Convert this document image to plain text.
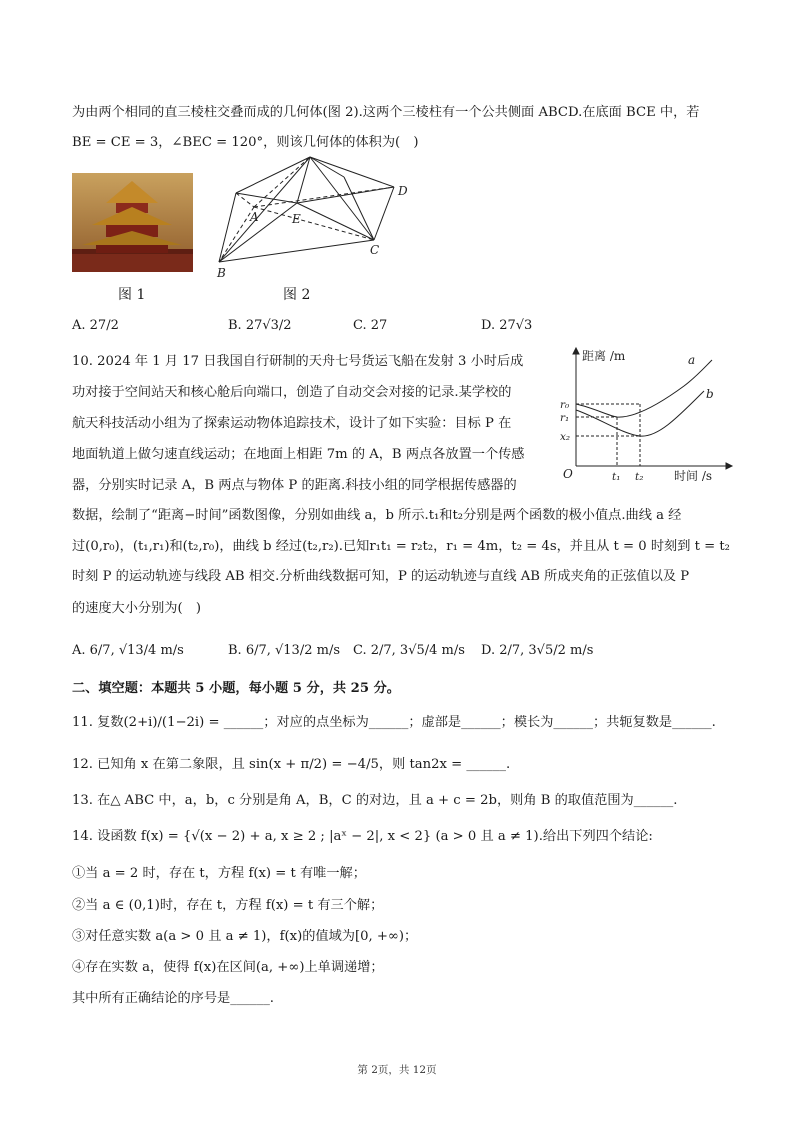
为由两个相同的直三棱柱交叠而成的几何体(图 2).这两个三棱柱有一个公共侧面 ABCD.在底面 BCE 中，若
BE = CE = 3，∠BEC = 120°，则该几何体的体积为(　)
A	E
D
C
B
图 1	图 2
A. 27/2	B. 27√3/2	C. 27	D. 27√3
10. 2024 年 1 月 17 日我国自行研制的天舟七号货运飞船在发射 3 小时后成
功对接于空间站天和核心舱后向端口，创造了自动交会对接的记录.某学校的
航天科技活动小组为了探索运动物体追踪技术，设计了如下实验：目标 P 在
地面轨道上做匀速直线运动；在地面上相距 7m 的 A，B 两点各放置一个传感
器，分别实时记录 A，B 两点与物体 P 的距离.科技小组的同学根据传感器的
数据，绘制了“距离−时间”函数图像，分别如曲线 a，b 所示.t₁和t₂分别是两个函数的极小值点.曲线 a 经
过(0,r₀)，(t₁,r₁)和(t₂,r₀)，曲线 b 经过(t₂,r₂).已知r₁t₁ = r₂t₂，r₁ = 4m，t₂ = 4s，并且从 t = 0 时刻到 t = t₂
时刻 P 的运动轨迹与线段 AB 相交.分析曲线数据可知，P 的运动轨迹与直线 AB 所成夹角的正弦值以及 P
的速度大小分别为(　)
距离 /m
时间 /s
O
a
b
r₀
r₁
x₂
t₁ t₂
A. 6/7, √13/4 m/s	B. 6/7, √13/2 m/s C. 2/7, 3√5/4 m/s D. 2/7, 3√5/2 m/s
二、填空题：本题共 5 小题，每小题 5 分，共 25 分。
11. 复数(2+i)/(1−2i) = ______；对应的点坐标为______；虚部是______；模长为______；共轭复数是______.
12. 已知角 x 在第二象限，且 sin(x + π/2) = −4/5，则 tan2x = ______.
13. 在△ ABC 中，a，b，c 分别是角 A，B，C 的对边，且 a + c = 2b，则角 B 的取值范围为______.
14. 设函数 f(x) = {√(x − 2) + a, x ≥ 2 ; |aˣ − 2|, x < 2} (a > 0 且 a ≠ 1).给出下列四个结论:
①当 a = 2 时，存在 t，方程 f(x) = t 有唯一解；
②当 a ∈ (0,1)时，存在 t，方程 f(x) = t 有三个解；
③对任意实数 a(a > 0 且 a ≠ 1)，f(x)的值域为[0, +∞)；
④存在实数 a，使得 f(x)在区间(a, +∞)上单调递增；
其中所有正确结论的序号是______.
第 2页，共 12页
